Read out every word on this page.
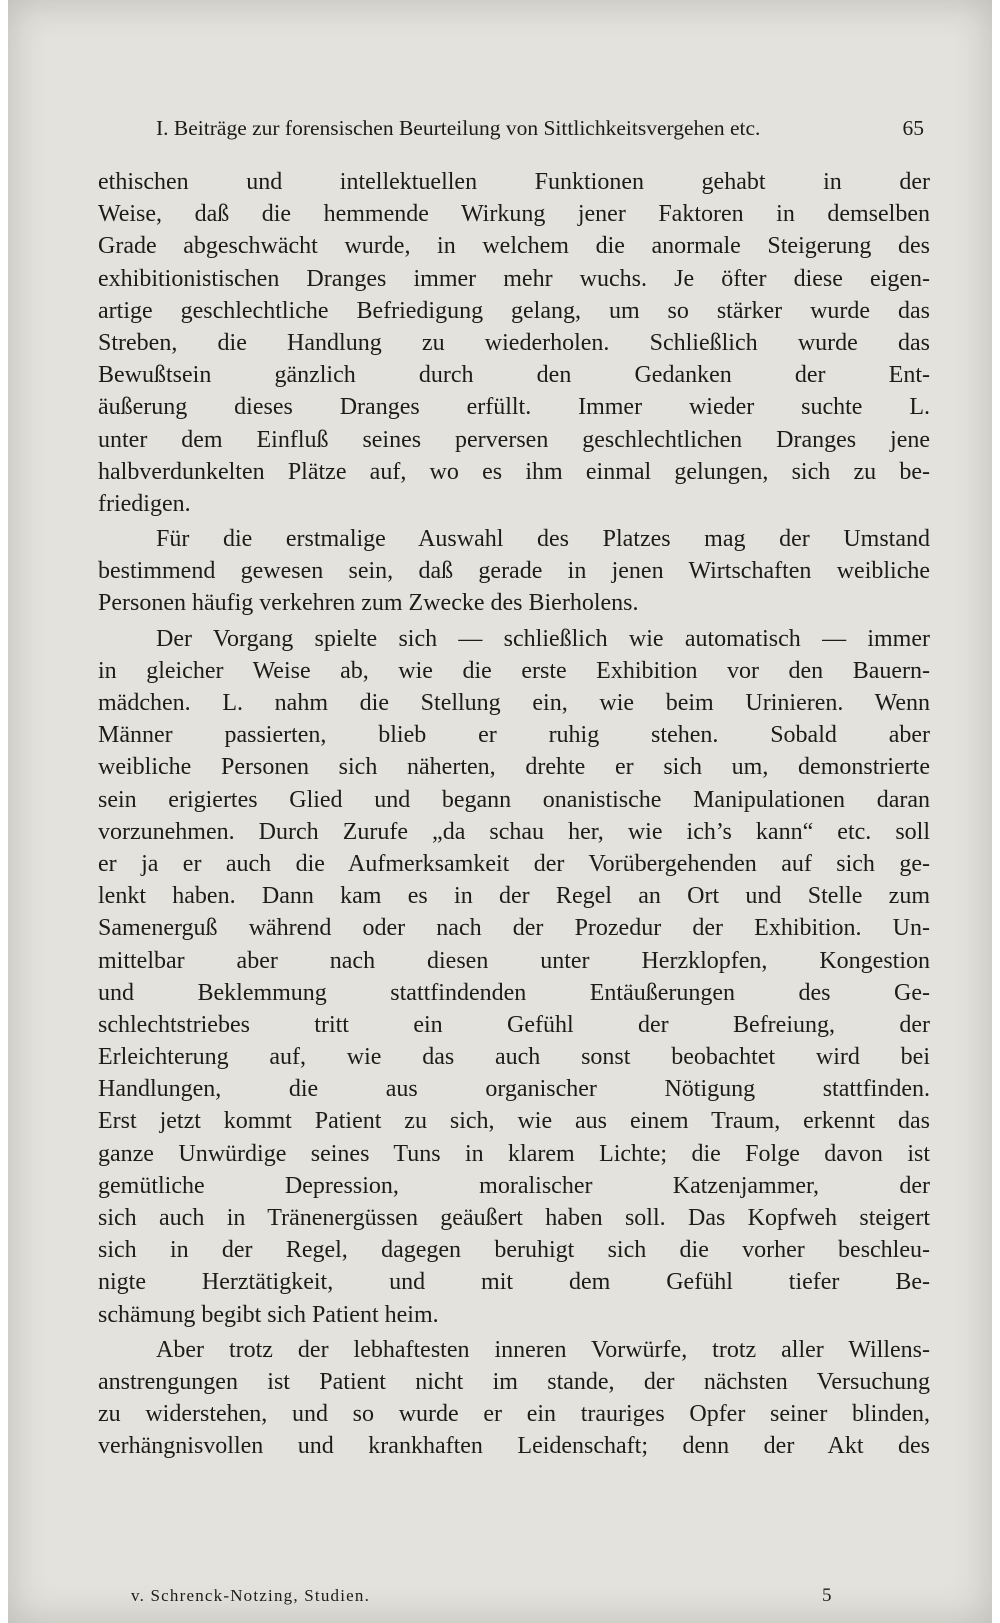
I. Beiträge zur forensischen Beurteilung von Sittlichkeitsvergehen etc.	65
ethischen und intellektuellen Funktionen gehabt in der
Weise, daß die hemmende Wirkung jener Faktoren in demselben
Grade abgeschwächt wurde, in welchem die anormale Steigerung des
exhibitionistischen Dranges immer mehr wuchs. Je öfter diese eigen-
artige geschlechtliche Befriedigung gelang, um so stärker wurde das
Streben, die Handlung zu wiederholen. Schließlich wurde das
Bewußtsein gänzlich durch den Gedanken der Ent-
äußerung dieses Dranges erfüllt. Immer wieder suchte L.
unter dem Einfluß seines perversen geschlechtlichen Dranges jene
halbverdunkelten Plätze auf, wo es ihm einmal gelungen, sich zu be-
friedigen.
Für die erstmalige Auswahl des Platzes mag der Umstand
bestimmend gewesen sein, daß gerade in jenen Wirtschaften weibliche
Personen häufig verkehren zum Zwecke des Bierholens.
Der Vorgang spielte sich — schließlich wie automatisch — immer
in gleicher Weise ab, wie die erste Exhibition vor den Bauern-
mädchen. L. nahm die Stellung ein, wie beim Urinieren. Wenn
Männer passierten, blieb er ruhig stehen. Sobald aber
weibliche Personen sich näherten, drehte er sich um, demonstrierte
sein erigiertes Glied und begann onanistische Manipulationen daran
vorzunehmen. Durch Zurufe „da schau her, wie ich’s kann“ etc. soll
er ja er auch die Aufmerksamkeit der Vorübergehenden auf sich ge-
lenkt haben. Dann kam es in der Regel an Ort und Stelle zum
Samenerguß während oder nach der Prozedur der Exhibition. Un-
mittelbar aber nach diesen unter Herzklopfen, Kongestion
und Beklemmung stattfindenden Entäußerungen des Ge-
schlechtstriebes tritt ein Gefühl der Befreiung, der
Erleichterung auf, wie das auch sonst beobachtet wird bei
Handlungen, die aus organischer Nötigung stattfinden.
Erst jetzt kommt Patient zu sich, wie aus einem Traum, erkennt das
ganze Unwürdige seines Tuns in klarem Lichte; die Folge davon ist
gemütliche Depression, moralischer Katzenjammer, der
sich auch in Tränenergüssen geäußert haben soll. Das Kopfweh steigert
sich in der Regel, dagegen beruhigt sich die vorher beschleu-
nigte Herztätigkeit, und mit dem Gefühl tiefer Be-
schämung begibt sich Patient heim.
Aber trotz der lebhaftesten inneren Vorwürfe, trotz aller Willens-
anstrengungen ist Patient nicht im stande, der nächsten Versuchung
zu widerstehen, und so wurde er ein trauriges Opfer seiner blinden,
verhängnisvollen und krankhaften Leidenschaft; denn der Akt des
v. Schrenck-Notzing, Studien.	5
